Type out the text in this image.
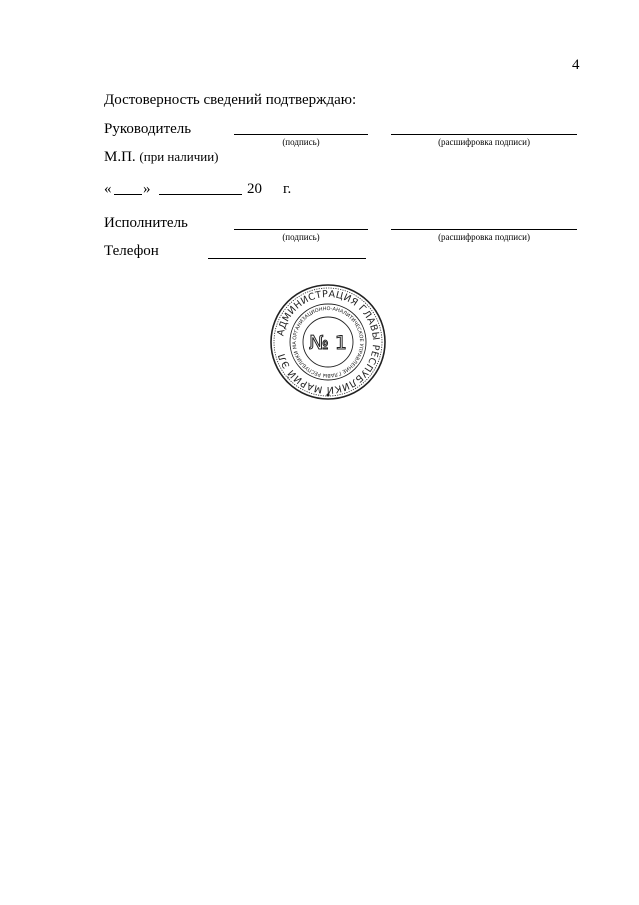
4
Достоверность сведений подтверждаю:
Руководитель
(подпись)	(расшифровка подписи)
М.П. (при наличии)
« »	20 г.
Исполнитель
(подпись)	(расшифровка подписи)
Телефон
АДМИНИСТРАЦИЯ ГЛАВЫ РЕСПУБЛИКИ МАРИЙ ЭЛ
ОРГАНИЗАЦИОННО-АНАЛИТИЧЕСКОЕ УПРАВЛЕНИЕ ГЛАВЫ РЕСПУБЛИКИ МА № 1
